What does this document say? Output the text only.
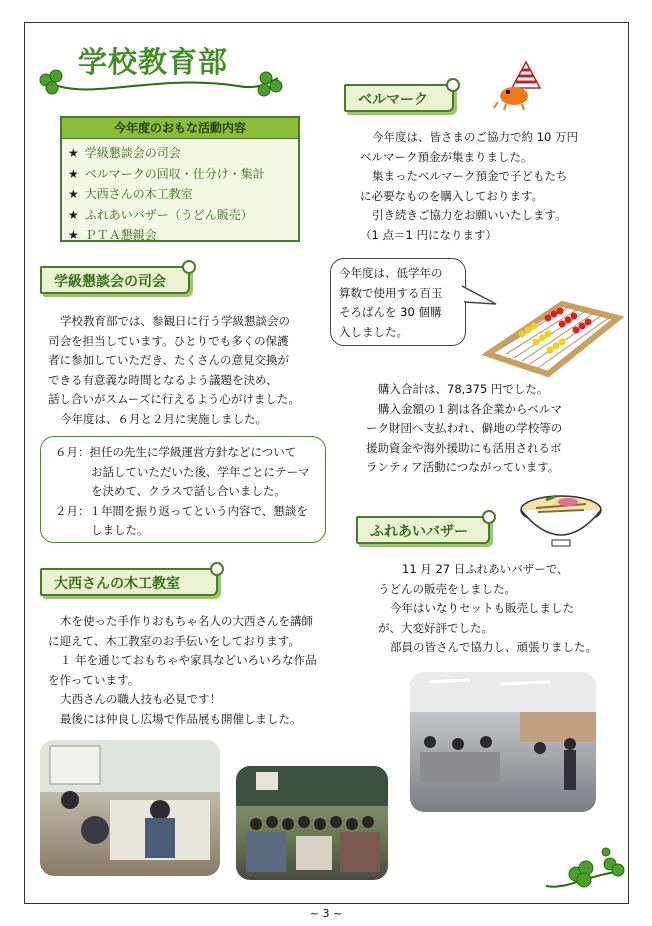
学校教育部
今年度のおもな活動内容
★ 学級懇談会の司会
★ ベルマークの回収・仕分け・集計
★ 大西さんの木工教室
★ ふれあいバザー（うどん販売）
★ ＰＴＡ懇親会
学級懇談会の司会
学校教育部では、参観日に行う学級懇談会の
司会を担当しています。ひとりでも多くの保護
者に参加していただき、たくさんの意見交換が
できる有意義な時間となるよう議題を決め、
話し合いがスムーズに行えるよう心がけました。
今年度は、６月と２月に実施しました。
６月：担任の先生に学級運営方針などについて
お話していただいた後、学年ごとにテーマ
を決めて、クラスで話し合いました。
２月：１年間を振り返ってという内容で、懇談を
しました。
大西さんの木工教室
木を使った手作りおもちゃ名人の大西さんを講師
に迎えて、木工教室のお手伝いをしております。
１ 年を通じておもちゃや家具などいろいろな作品
を作っています。
大西さんの職人技も必見です！
最後には仲良し広場で作品展も開催しました。
ベルマーク
今年度は、皆さまのご協力で約 10 万円
ベルマーク預金が集まりました。
集まったベルマーク預金で子どもたち
に必要なものを購入しております。
引き続きご協力をお願いいたします。
（1 点＝1 円になります）
今年度は、低学年の
算数で使用する百玉
そろばんを 30 個購
入しました。
購入合計は、78,375 円でした。
購入金額の１割は各企業からベルマ
ーク財団へ支払われ、僻地の学校等の
援助資金や海外援助にも活用されるボ
ランティア活動につながっています。
ふれあいバザー
11 月 27 日ふれあいバザーで、
うどんの販売をしました。
今年はいなりセットも販売しました
が、大変好評でした。
部員の皆さんで協力し、頑張りました。
~ 3 ~
